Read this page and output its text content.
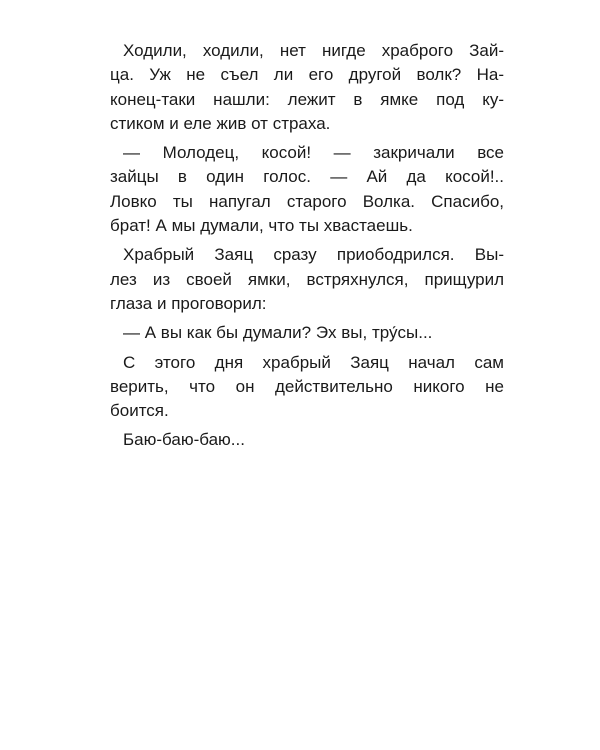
Ходили, ходили, нет нигде храброго Зай-
ца. Уж не съел ли его другой волк? На-
конец-таки нашли: лежит в ямке под ку-
стиком и еле жив от страха.
— Молодец, косой! — закричали все
зайцы в один голос. — Ай да косой!..
Ловко ты напугал старого Волка. Спасибо,
брат! А мы думали, что ты хвастаешь.
Храбрый Заяц сразу приободрился. Вы-
лез из своей ямки, встряхнулся, прищурил
глаза и проговорил:
— А вы как бы думали? Эх вы, тру́сы...
С этого дня храбрый Заяц начал сам
верить, что он действительно никого не
боится.
Баю-баю-баю...
